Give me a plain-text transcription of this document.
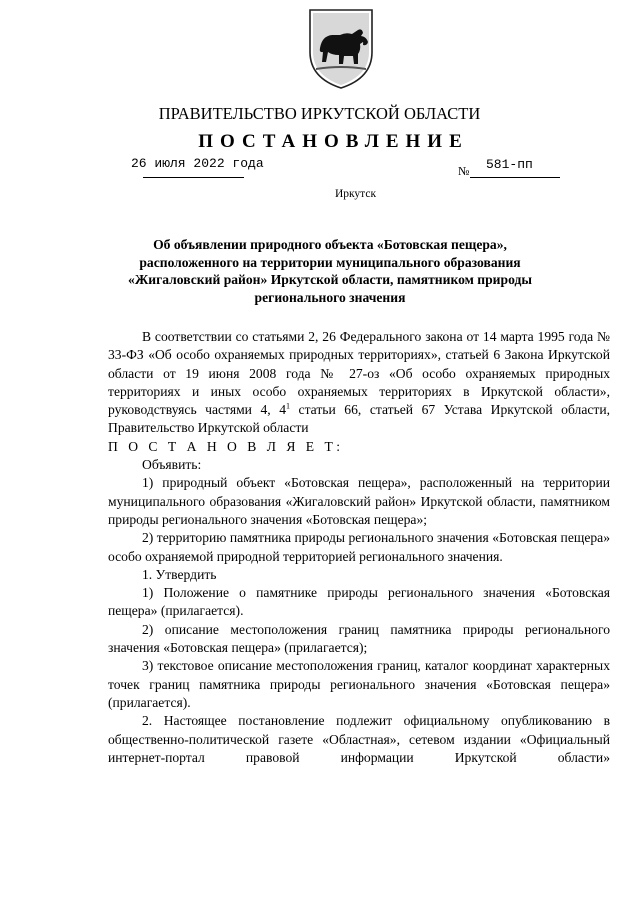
ПРАВИТЕЛЬСТВО ИРКУТСКОЙ ОБЛАСТИ
ПОСТАНОВЛЕНИЕ
26 июля 2022 года	№ 581-пп
Иркутск
Об объявлении природного объекта «Ботовская пещера»,
расположенного на территории муниципального образования
«Жигаловский район» Иркутской области, памятником природы
регионального значения

В соответствии со статьями 2, 26 Федерального закона от 14 марта 1995 года № 33-ФЗ «Об особо охраняемых природных территориях», статьей 6 Закона Иркутской области от 19 июня 2008 года № 27-оз «Об особо охраняемых природных территориях и иных особо охраняемых территориях в Иркутской области», руководствуясь частями 4, $4^1$ статьи 66, статьей 67 Устава Иркутской области, Правительство Иркутской области

П О С Т А Н О В Л Я Е Т:

Объявить:

1) природный объект «Ботовская пещера», расположенный на территории муниципального образования «Жигаловский район» Иркутской области, памятником природы регионального значения «Ботовская пещера»;

2) территорию памятника природы регионального значения «Ботовская пещера» особо охраняемой природной территорией регионального значения.

1. Утвердить

1) Положение о памятнике природы регионального значения «Ботовская пещера» (прилагается).

2) описание местоположения границ памятника природы регионального значения «Ботовская пещера» (прилагается);

3) текстовое описание местоположения границ, каталог координат характерных точек границ памятника природы регионального значения «Ботовская пещера» (прилагается).

2. Настоящее постановление подлежит официальному опубликованию в общественно-политической газете «Областная», сетевом издании «Официальный интернет-портал правовой информации Иркутской области»
